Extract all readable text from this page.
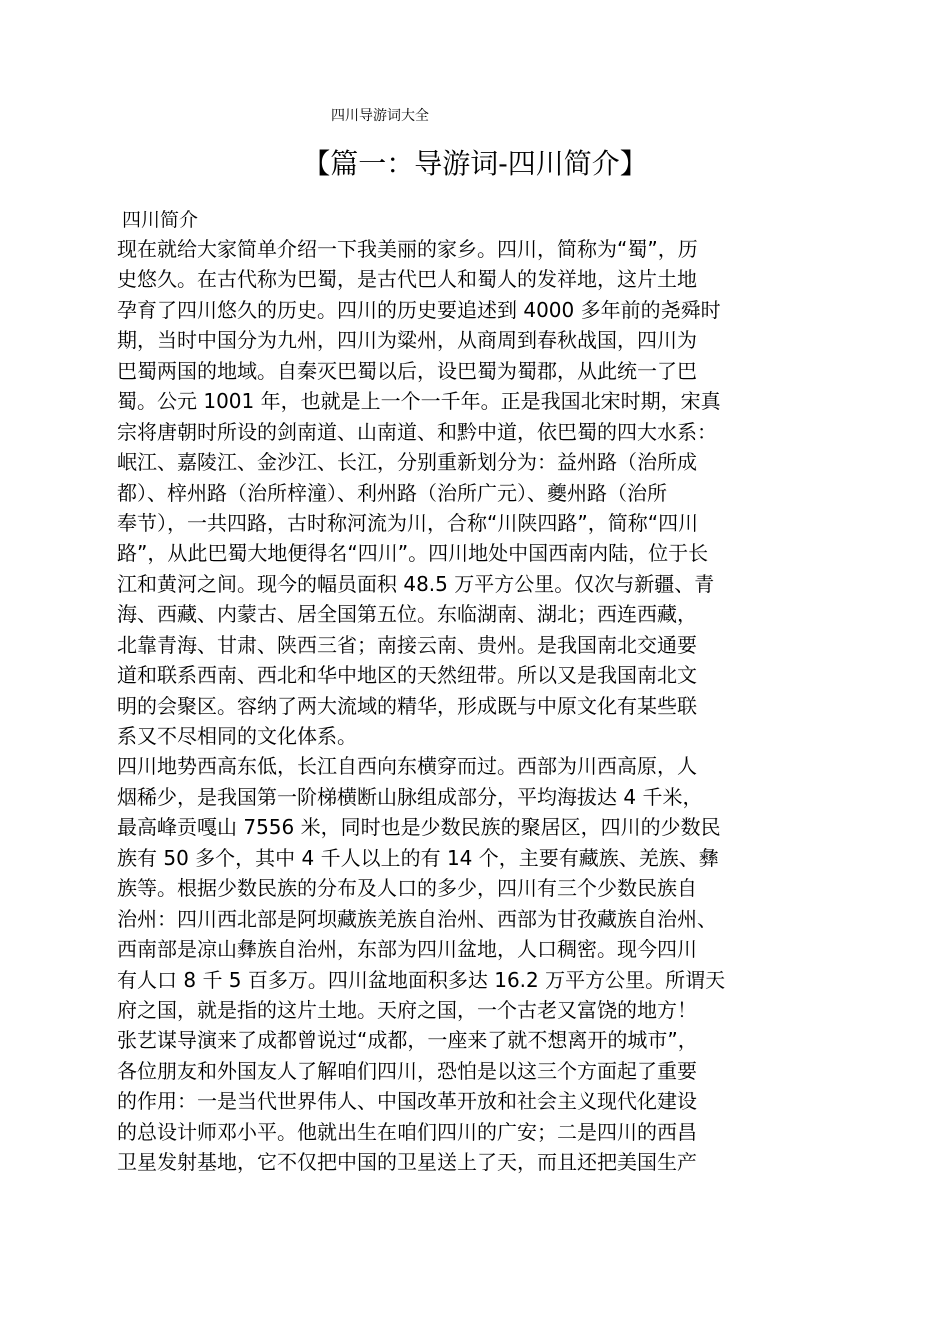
四川导游词大全
【篇一：导游词-四川简介】
四川简介
现在就给大家简单介绍一下我美丽的家乡。四川，简称为“蜀”，历
史悠久。在古代称为巴蜀，是古代巴人和蜀人的发祥地，这片土地
孕育了四川悠久的历史。四川的历史要追述到 4000 多年前的尧舜时
期，当时中国分为九州，四川为粱州，从商周到春秋战国，四川为
巴蜀两国的地域。自秦灭巴蜀以后，设巴蜀为蜀郡，从此统一了巴
蜀。公元 1001 年，也就是上一个一千年。正是我国北宋时期，宋真
宗将唐朝时所设的剑南道、山南道、和黔中道，依巴蜀的四大水系：
岷江、嘉陵江、金沙江、长江，分别重新划分为：益州路（治所成
都）、梓州路（治所梓潼）、利州路（治所广元）、夔州路（治所
奉节），一共四路，古时称河流为川，合称“川陕四路”，简称“四川
路”，从此巴蜀大地便得名“四川”。四川地处中国西南内陆，位于长
江和黄河之间。现今的幅员面积 48.5 万平方公里。仅次与新疆、青
海、西藏、内蒙古、居全国第五位。东临湖南、湖北；西连西藏，
北靠青海、甘肃、陕西三省；南接云南、贵州。是我国南北交通要
道和联系西南、西北和华中地区的天然纽带。所以又是我国南北文
明的会聚区。容纳了两大流域的精华，形成既与中原文化有某些联
系又不尽相同的文化体系。
四川地势西高东低，长江自西向东横穿而过。西部为川西高原，人
烟稀少，是我国第一阶梯横断山脉组成部分，平均海拔达 4 千米，
最高峰贡嘎山 7556 米，同时也是少数民族的聚居区，四川的少数民
族有 50 多个，其中 4 千人以上的有 14 个，主要有藏族、羌族、彝
族等。根据少数民族的分布及人口的多少，四川有三个少数民族自
治州：四川西北部是阿坝藏族羌族自治州、西部为甘孜藏族自治州、
西南部是凉山彝族自治州，东部为四川盆地，人口稠密。现今四川
有人口 8 千 5 百多万。四川盆地面积多达 16.2 万平方公里。所谓天
府之国，就是指的这片土地。天府之国，一个古老又富饶的地方！
张艺谋导演来了成都曾说过“成都，一座来了就不想离开的城市”，
各位朋友和外国友人了解咱们四川，恐怕是以这三个方面起了重要
的作用：一是当代世界伟人、中国改革开放和社会主义现代化建设
的总设计师邓小平。他就出生在咱们四川的广安；二是四川的西昌
卫星发射基地，它不仅把中国的卫星送上了天，而且还把美国生产
